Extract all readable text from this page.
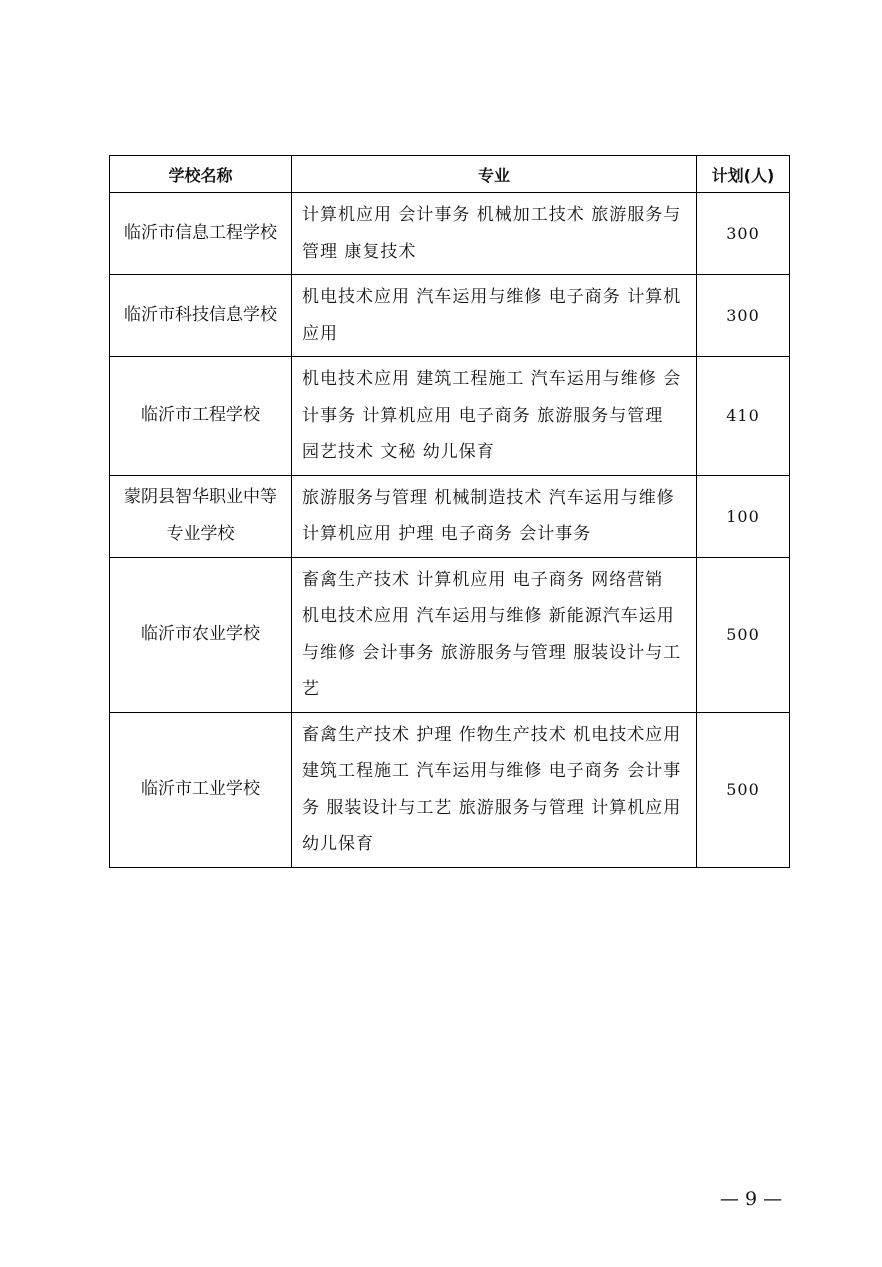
学校名称	专业	计划(人)
临沂市信息工程学校	计算机应用 会计事务 机械加工技术 旅游服务与管理 康复技术	300
临沂市科技信息学校	机电技术应用 汽车运用与维修 电子商务 计算机应用	300
临沂市工程学校	机电技术应用 建筑工程施工 汽车运用与维修 会计事务 计算机应用 电子商务 旅游服务与管理 园艺技术 文秘 幼儿保育	410
蒙阴县智华职业中等专业学校	旅游服务与管理 机械制造技术 汽车运用与维修 计算机应用 护理 电子商务 会计事务	100
临沂市农业学校	畜禽生产技术 计算机应用 电子商务 网络营销 机电技术应用 汽车运用与维修 新能源汽车运用与维修 会计事务 旅游服务与管理 服装设计与工艺	500
临沂市工业学校	畜禽生产技术 护理 作物生产技术 机电技术应用 建筑工程施工 汽车运用与维修 电子商务 会计事务 服装设计与工艺 旅游服务与管理 计算机应用 幼儿保育	500
— 9 —
